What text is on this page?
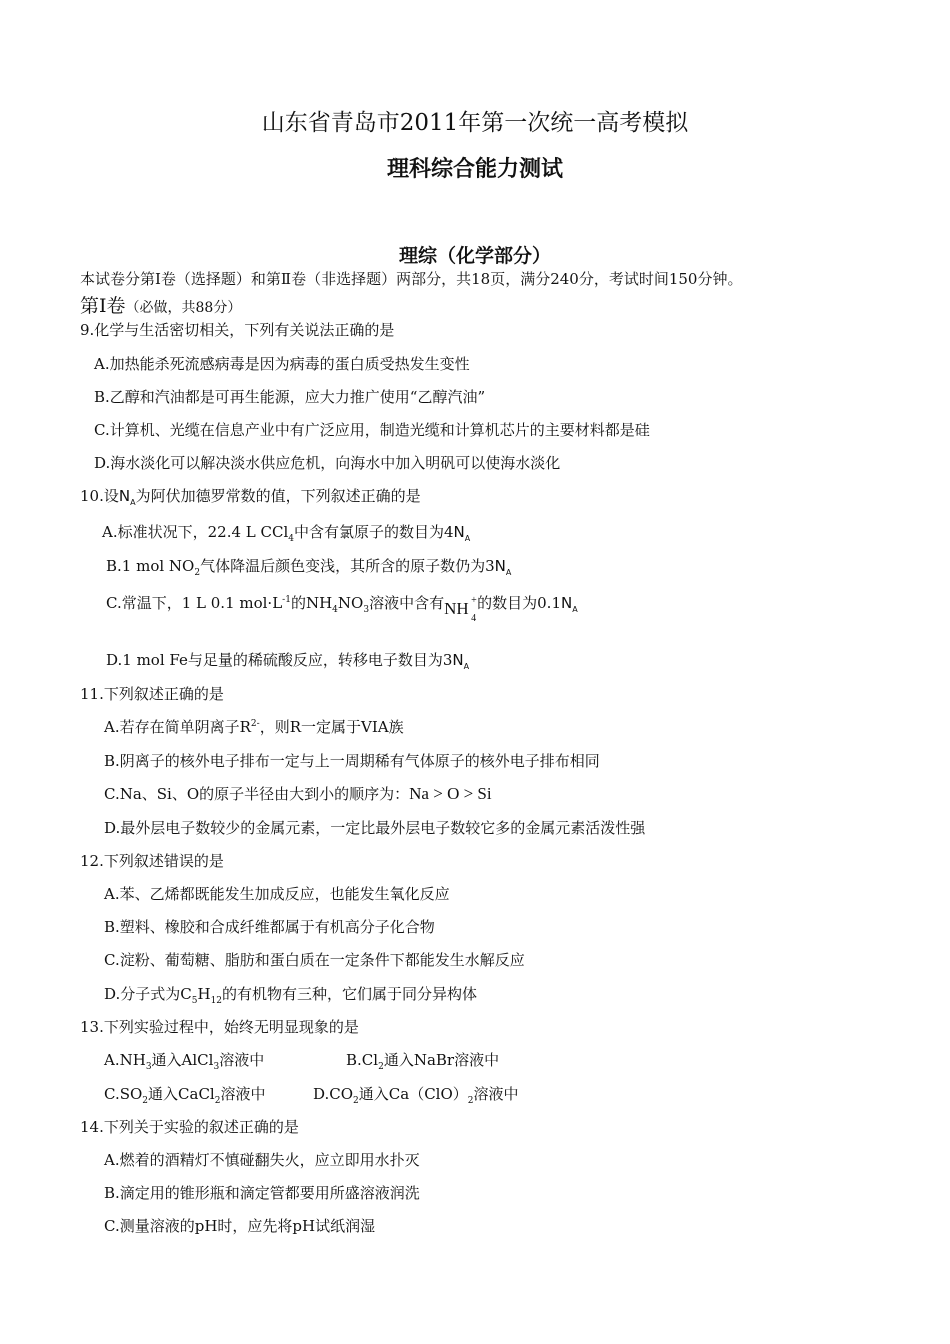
山东省青岛市2011年第一次统一高考模拟
理科综合能力测试
理综（化学部分）
本试卷分第Ⅰ卷（选择题）和第Ⅱ卷（非选择题）两部分，共18页，满分240分，考试时间150分钟。
第Ⅰ卷（必做，共88分）
9.化学与生活密切相关，下列有关说法正确的是
A.加热能杀死流感病毒是因为病毒的蛋白质受热发生变性
B.乙醇和汽油都是可再生能源，应大力推广使用“乙醇汽油”
C.计算机、光缆在信息产业中有广泛应用，制造光缆和计算机芯片的主要材料都是硅
D.海水淡化可以解决淡水供应危机，向海水中加入明矾可以使海水淡化
10.设$N_A$为阿伏加德罗常数的值，下列叙述正确的是
A.标准状况下，22.4 L CCl$_4$中含有氯原子的数目为$4N_A$
B.1 mol $NO_2$气体降温后颜色变浅，其所含的原子数仍为$3N_A$
C.常温下，1 L 0.1 $mol\cdot L^{-1}$的$NH_4NO_3$溶液中含有NH +
4
的数目为$0.1N_A$
D.1 mol Fe与足量的稀硫酸反应，转移电子数目为$3N_A$
11.下列叙述正确的是
A.若存在简单阴离子$R^{2-}$，则R一定属于VIA族
B.阴离子的核外电子排布一定与上一周期稀有气体原子的核外电子排布相同
C.Na、Si、O的原子半径由大到小的顺序为：Na > O > Si
D.最外层电子数较少的金属元素，一定比最外层电子数较它多的金属元素活泼性强
12.下列叙述错误的是
A.苯、乙烯都既能发生加成反应，也能发生氧化反应
B.塑料、橡胶和合成纤维都属于有机高分子化合物
C.淀粉、葡萄糖、脂肪和蛋白质在一定条件下都能发生水解反应
D.分子式为$C_5H_{12}$的有机物有三种，它们属于同分异构体
13.下列实验过程中，始终无明显现象的是
$A.NH_3$通入AlCl$_3$溶液中	$B.Cl_2$通入NaBr溶液中
$C.SO_2$通入CaCl$_2$溶液中	$D.CO_2$通入$Ca(ClO)_2$溶液中
14.下列关于实验的叙述正确的是
A.燃着的酒精灯不慎碰翻失火，应立即用水扑灭
B.滴定用的锥形瓶和滴定管都要用所盛溶液润洗
C.测量溶液的pH时，应先将pH试纸润湿
